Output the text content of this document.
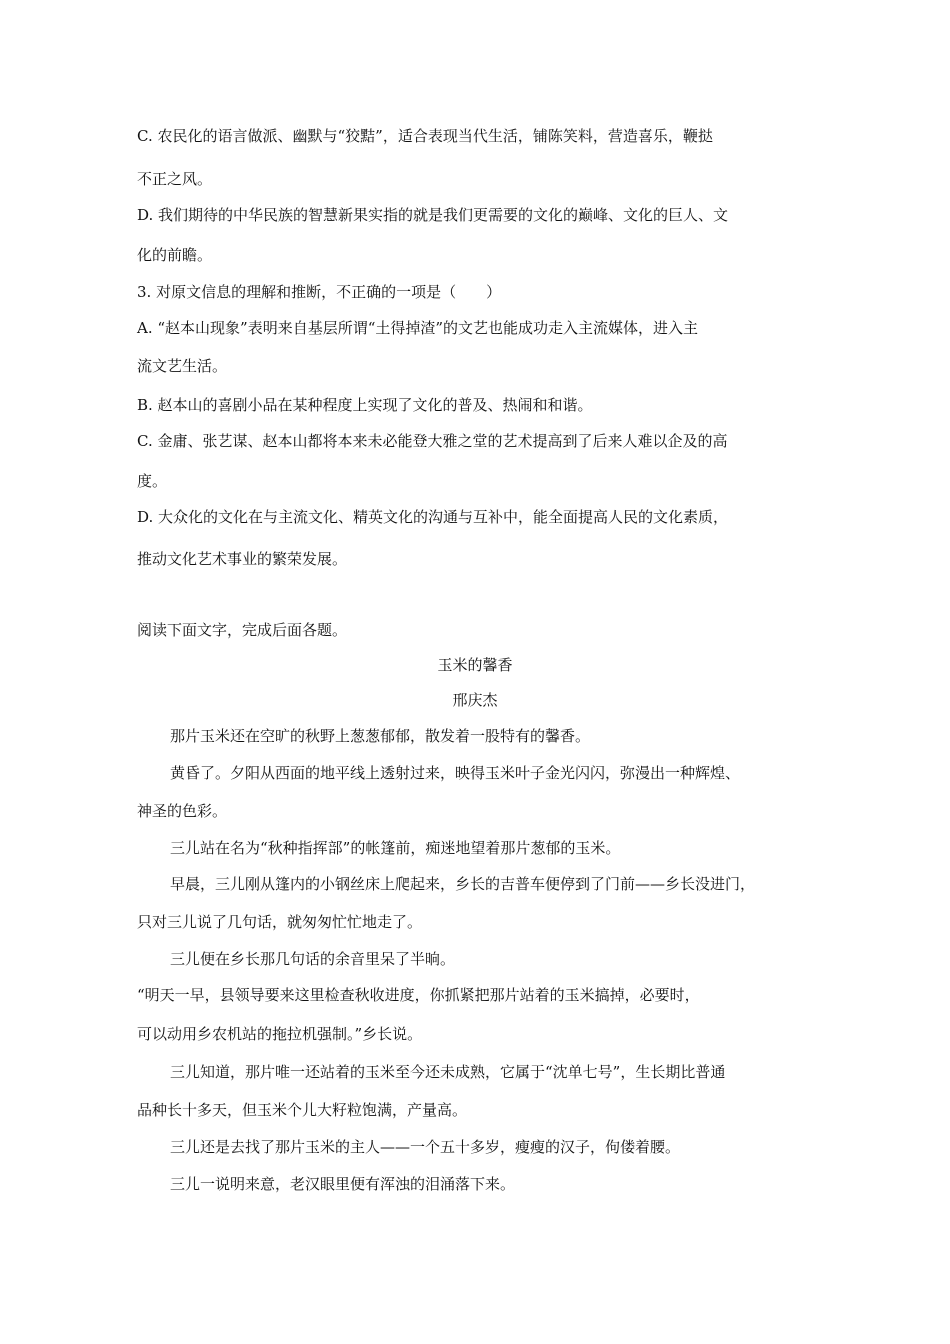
C. 农民化的语言做派、幽默与“狡黠”，适合表现当代生活，铺陈笑料，营造喜乐，鞭挞
不正之风。
D. 我们期待的中华民族的智慧新果实指的就是我们更需要的文化的巅峰、文化的巨人、文
化的前瞻。
3. 对原文信息的理解和推断，不正确的一项是（　　）
A. “赵本山现象”表明来自基层所谓“土得掉渣”的文艺也能成功走入主流媒体，进入主
流文艺生活。
B. 赵本山的喜剧小品在某种程度上实现了文化的普及、热闹和和谐。
C. 金庸、张艺谋、赵本山都将本来未必能登大雅之堂的艺术提高到了后来人难以企及的高
度。
D. 大众化的文化在与主流文化、精英文化的沟通与互补中，能全面提高人民的文化素质，
推动文化艺术事业的繁荣发展。
阅读下面文字，完成后面各题。
玉米的馨香
邢庆杰
那片玉米还在空旷的秋野上葱葱郁郁，散发着一股特有的馨香。
黄昏了。夕阳从西面的地平线上透射过来，映得玉米叶子金光闪闪，弥漫出一种辉煌、
神圣的色彩。
三儿站在名为“秋种指挥部”的帐篷前，痴迷地望着那片葱郁的玉米。
早晨，三儿刚从篷内的小钢丝床上爬起来，乡长的吉普车便停到了门前——乡长没进门，
只对三儿说了几句话，就匆匆忙忙地走了。
三儿便在乡长那几句话的余音里呆了半晌。
“明天一早，县领导要来这里检查秋收进度，你抓紧把那片站着的玉米搞掉，必要时，
可以动用乡农机站的拖拉机强制。”乡长说。
三儿知道，那片唯一还站着的玉米至今还未成熟，它属于“沈单七号”，生长期比普通
品种长十多天，但玉米个儿大籽粒饱满，产量高。
三儿还是去找了那片玉米的主人——一个五十多岁，瘦瘦的汉子，佝偻着腰。
三儿一说明来意，老汉眼里便有浑浊的泪涌落下来。
